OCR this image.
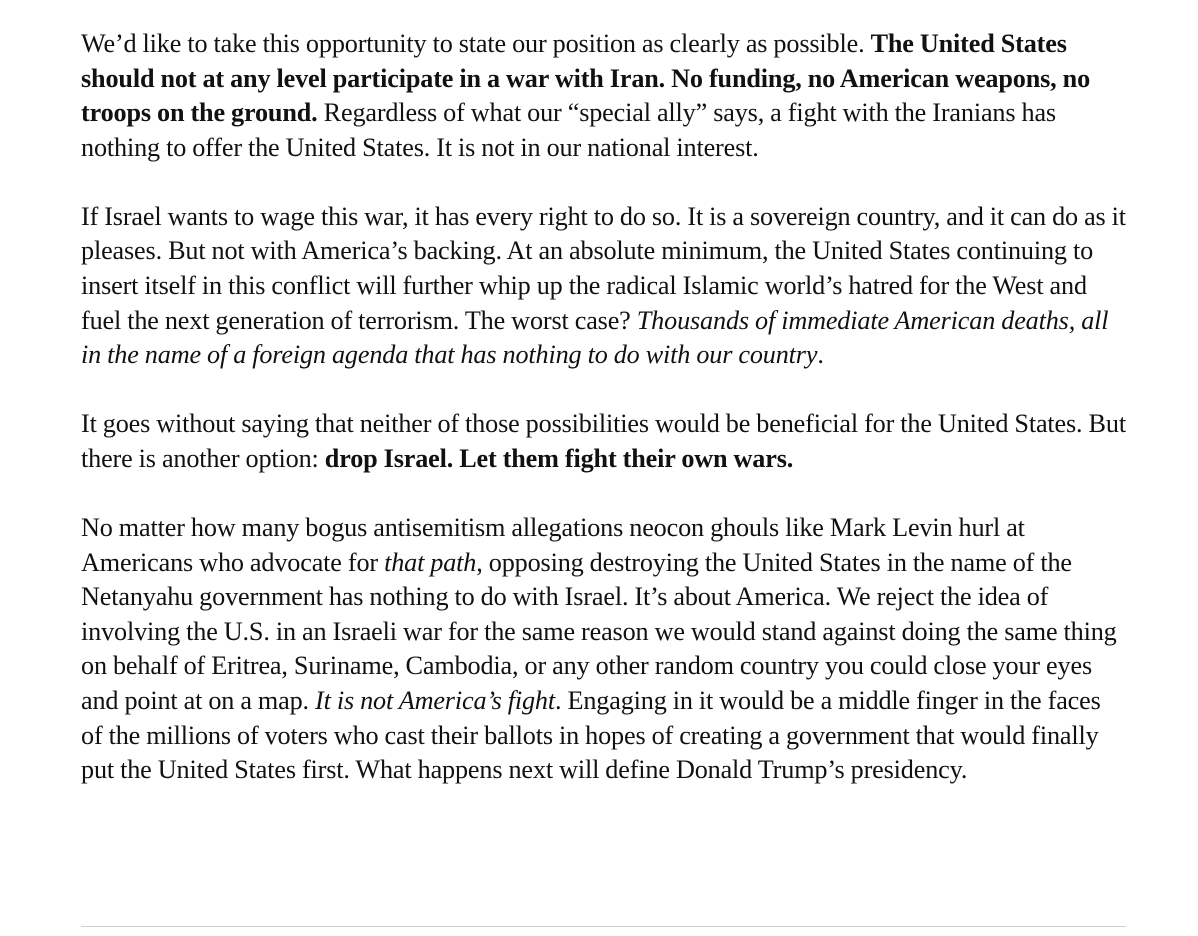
We’d like to take this opportunity to state our position as clearly as possible. The United States should not at any level participate in a war with Iran. No funding, no American weapons, no troops on the ground. Regardless of what our “special ally” says, a fight with the Iranians has nothing to offer the United States. It is not in our national interest.

If Israel wants to wage this war, it has every right to do so. It is a sovereign country, and it can do as it pleases. But not with America’s backing. At an absolute minimum, the United States continuing to insert itself in this conflict will further whip up the radical Islamic world’s hatred for the West and fuel the next generation of terrorism. The worst case? Thousands of immediate American deaths, all in the name of a foreign agenda that has nothing to do with our country.

It goes without saying that neither of those possibilities would be beneficial for the United States. But there is another option: drop Israel. Let them fight their own wars.

No matter how many bogus antisemitism allegations neocon ghouls like Mark Levin hurl at Americans who advocate for that path, opposing destroying the United States in the name of the Netanyahu government has nothing to do with Israel. It’s about America. We reject the idea of involving the U.S. in an Israeli war for the same reason we would stand against doing the same thing on behalf of Eritrea, Suriname, Cambodia, or any other random country you could close your eyes and point at on a map. It is not America’s fight. Engaging in it would be a middle finger in the faces of the millions of voters who cast their ballots in hopes of creating a government that would finally put the United States first. What happens next will define Donald Trump’s presidency.
